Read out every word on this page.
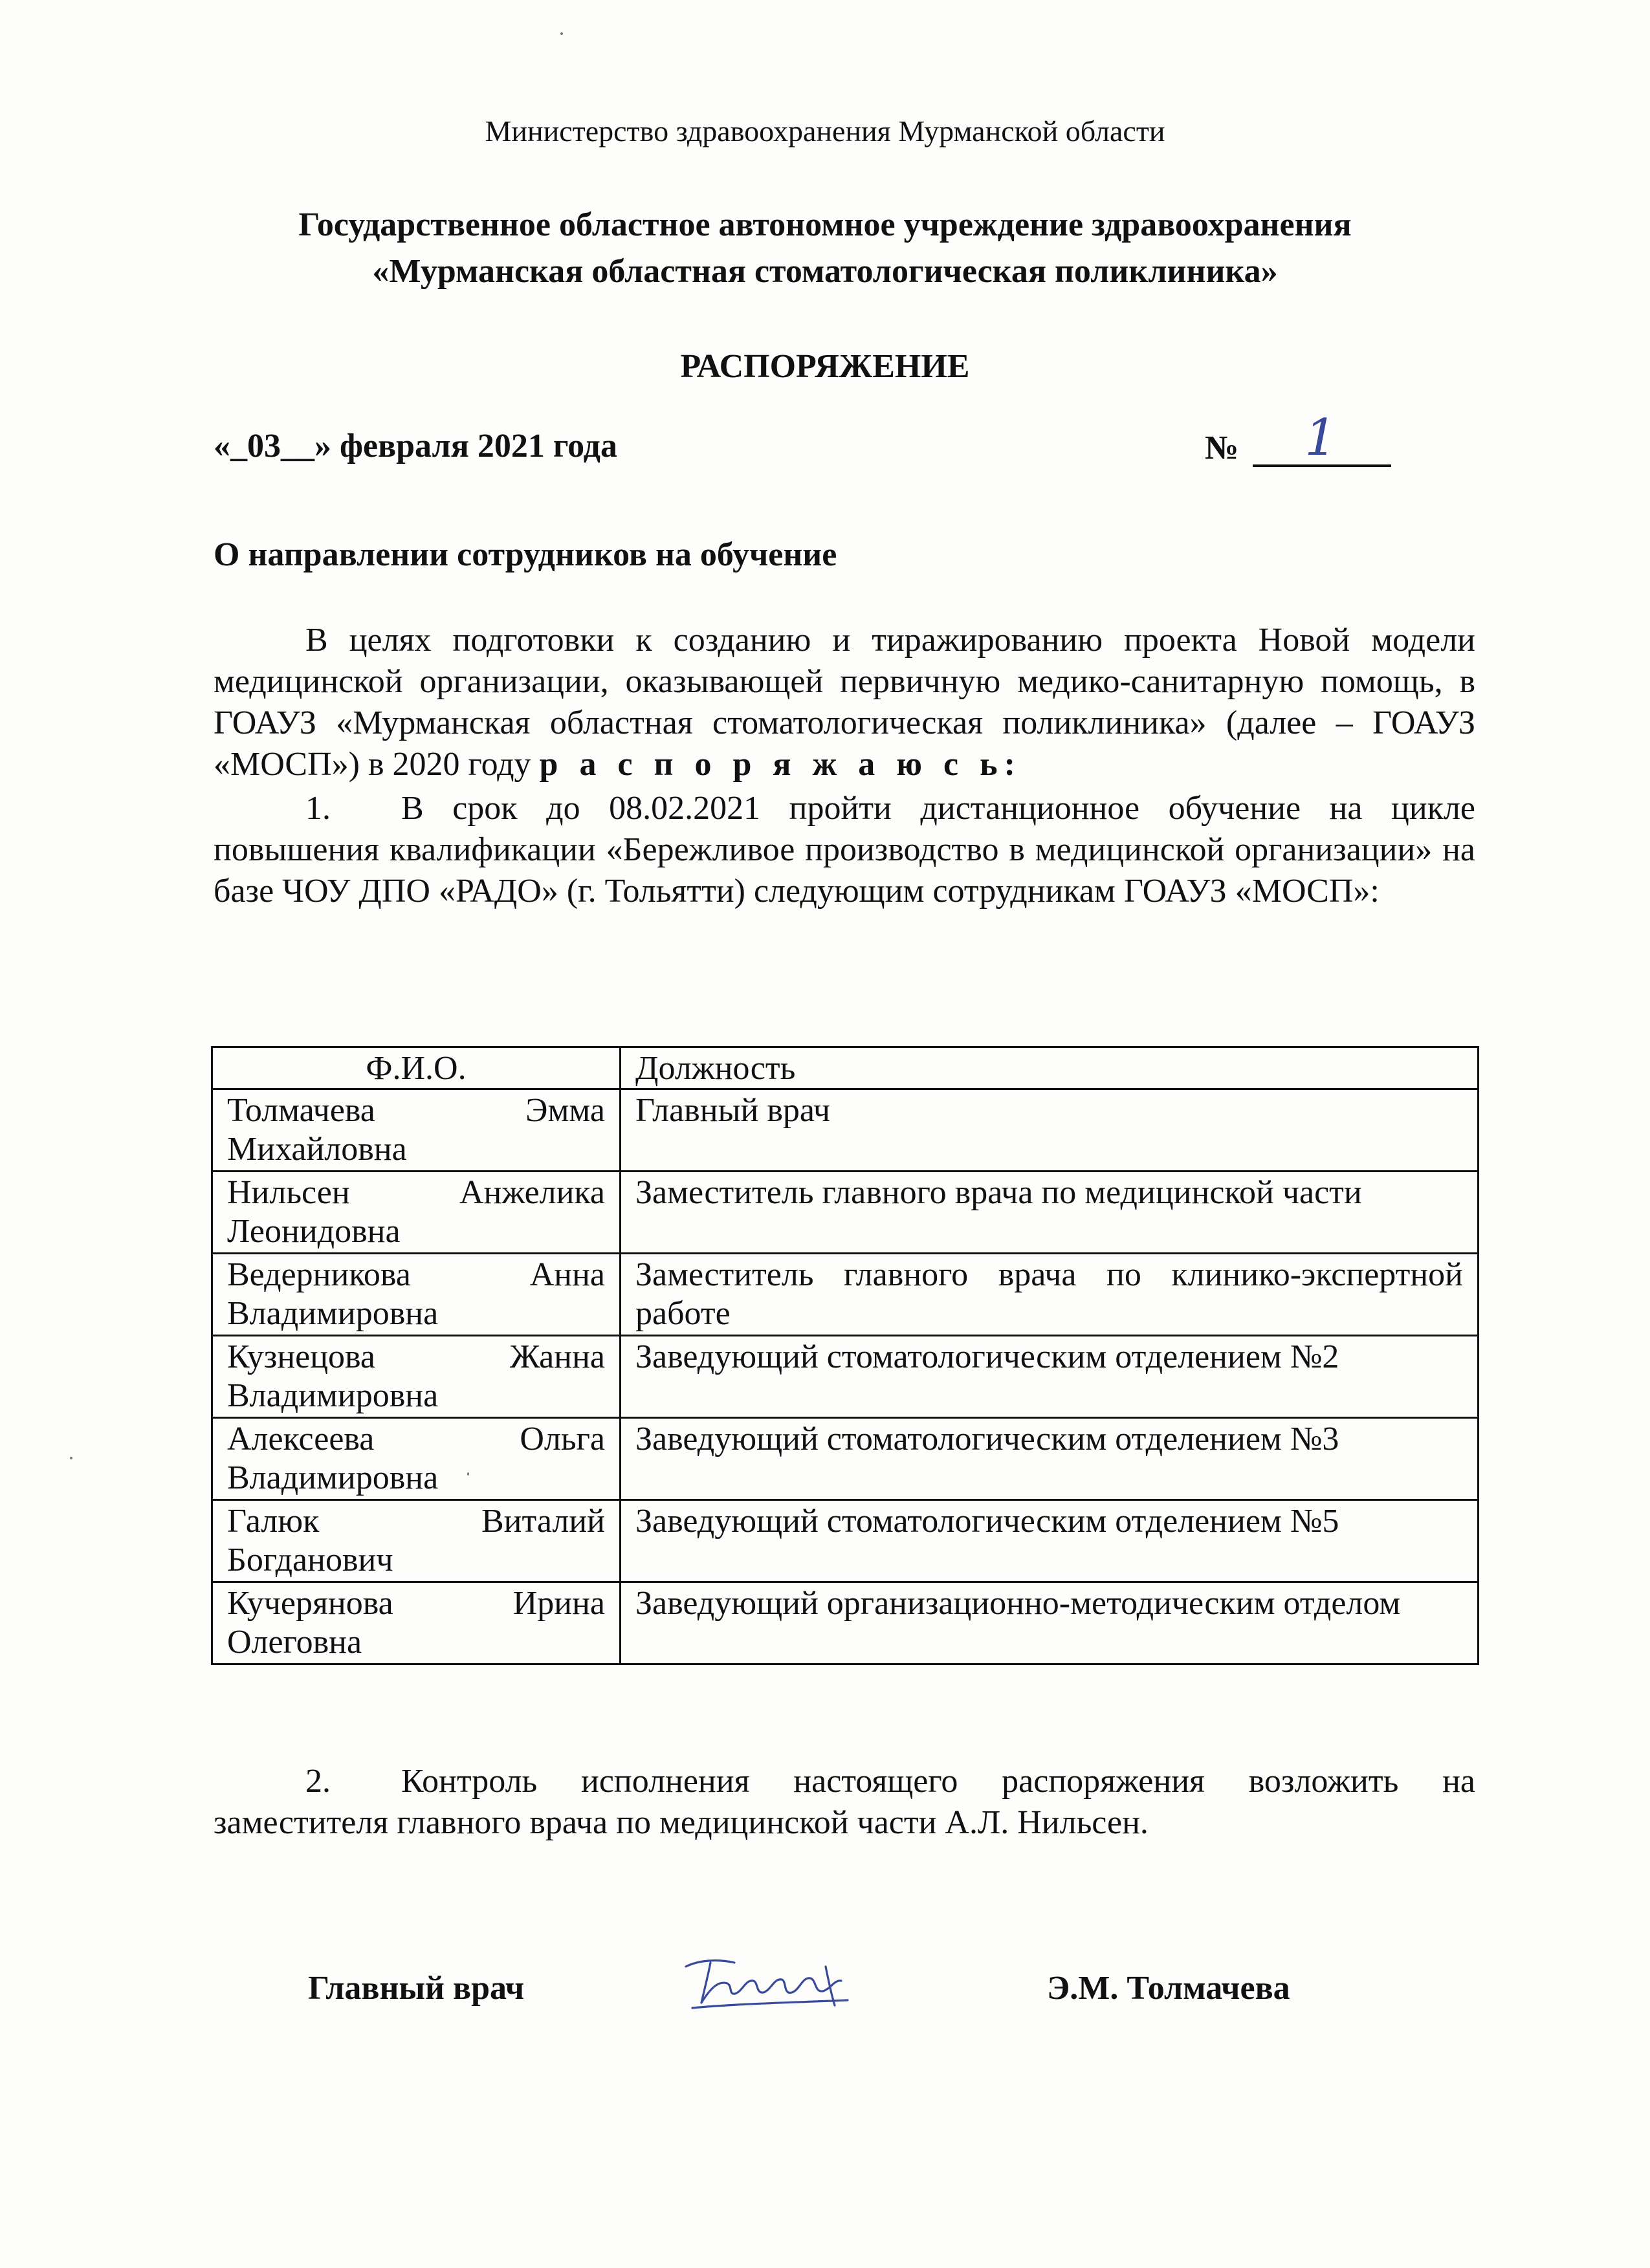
Министерство здравоохранения Мурманской области
Государственное областное автономное учреждение здравоохранения
«Мурманская областная стоматологическая поликлиника»
РАСПОРЯЖЕНИЕ
«_03__» февраля 2021 года	№ 1
О направлении сотрудников на обучение
В целях подготовки к созданию и тиражированию проекта Новой модели медицинской организации, оказывающей первичную медико-санитарную помощь, в ГОАУЗ «Мурманская областная стоматологическая поликлиника» (далее – ГОАУЗ «МОСП») в 2020 году р а с п о р я ж а ю с ь:
1. В срок до 08.02.2021 пройти дистанционное обучение на цикле повышения квалификации «Бережливое производство в медицинской организации» на базе ЧОУ ДПО «РАДО» (г. Тольятти) следующим сотрудникам ГОАУЗ «МОСП»:
Ф.И.О.	Должность
Толмачева Эмма Михайловна	Главный врач
Нильсен Анжелика Леонидовна	Заместитель главного врача по медицинской части
Ведерникова Анна Владимировна	Заместитель главного врача по клинико-экспертной работе
Кузнецова Жанна Владимировна	Заведующий стоматологическим отделением №2
Алексеева Ольга Владимировна	Заведующий стоматологическим отделением №3
Галюк Виталий Богданович	Заведующий стоматологическим отделением №5
Кучерянова Ирина Олеговна	Заведующий организационно-методическим отделом
2. Контроль исполнения настоящего распоряжения возложить на заместителя главного врача по медицинской части А.Л. Нильсен.
Главный врач	Э.М. Толмачева
